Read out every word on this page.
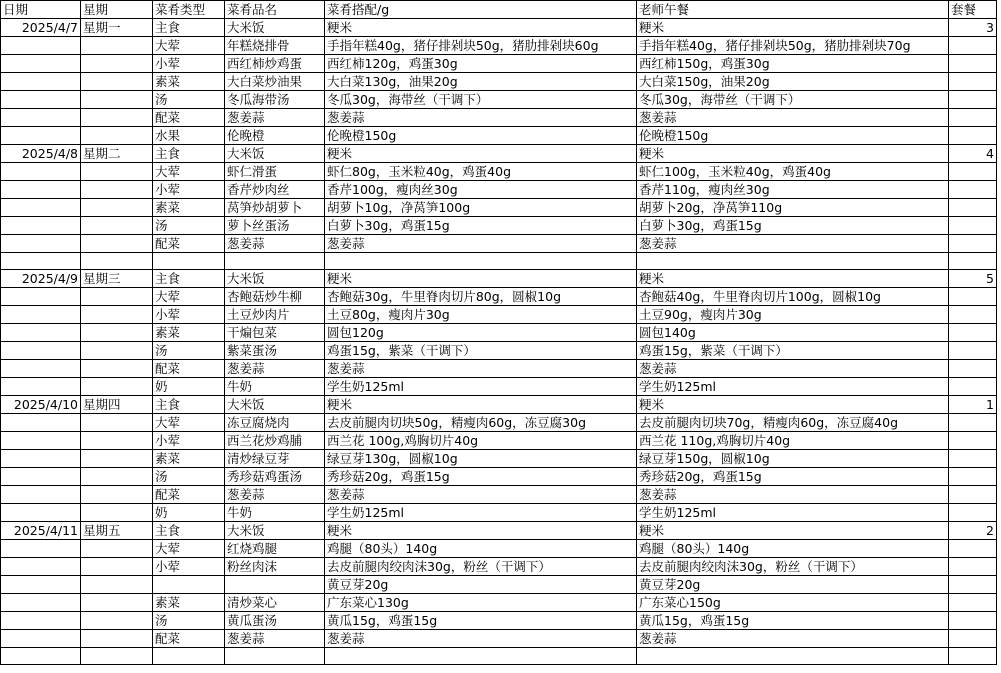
日期	星期	菜肴类型	菜肴品名	菜肴搭配/g	老师午餐	套餐
2025/4/7	星期一	主食	大米饭	粳米	粳米	3
		大荤	年糕烧排骨	手指年糕40g，猪仔排剁块50g，猪肋排剁块60g	手指年糕40g，猪仔排剁块50g，猪肋排剁块70g	
		小荤	西红柿炒鸡蛋	西红柿120g，鸡蛋30g	西红柿150g，鸡蛋30g	
		素菜	大白菜炒油果	大白菜130g，油果20g	大白菜150g，油果20g	
		汤	冬瓜海带汤	冬瓜30g，海带丝（干调下）	冬瓜30g，海带丝（干调下）	
		配菜	葱姜蒜	葱姜蒜	葱姜蒜	
		水果	伦晚橙	伦晚橙150g	伦晚橙150g	
2025/4/8	星期二	主食	大米饭	粳米	粳米	4
		大荤	虾仁滑蛋	虾仁80g，玉米粒40g，鸡蛋40g	虾仁100g，玉米粒40g，鸡蛋40g	
		小荤	香芹炒肉丝	香芹100g，瘦肉丝30g	香芹110g，瘦肉丝30g	
		素菜	莴笋炒胡萝卜	胡萝卜10g，净莴笋100g	胡萝卜20g，净莴笋110g	
		汤	萝卜丝蛋汤	白萝卜30g，鸡蛋15g	白萝卜30g，鸡蛋15g	
		配菜	葱姜蒜	葱姜蒜	葱姜蒜	

2025/4/9	星期三	主食	大米饭	粳米	粳米	5
		大荤	杏鲍菇炒牛柳	杏鲍菇30g，牛里脊肉切片80g，圆椒10g	杏鲍菇40g，牛里脊肉切片100g，圆椒10g	
		小荤	土豆炒肉片	土豆80g，瘦肉片30g	土豆90g，瘦肉片30g	
		素菜	干煸包菜	圆包120g	圆包140g	
		汤	紫菜蛋汤	鸡蛋15g，紫菜（干调下）	鸡蛋15g，紫菜（干调下）	
		配菜	葱姜蒜	葱姜蒜	葱姜蒜	
		奶	牛奶	学生奶125ml	学生奶125ml	
2025/4/10	星期四	主食	大米饭	粳米	粳米	1
		大荤	冻豆腐烧肉	去皮前腿肉切块50g，精瘦肉60g，冻豆腐30g	去皮前腿肉切块70g，精瘦肉60g，冻豆腐40g	
		小荤	西兰花炒鸡脯	西兰花 100g,鸡胸切片40g	西兰花 110g,鸡胸切片40g	
		素菜	清炒绿豆芽	绿豆芽130g，圆椒10g	绿豆芽150g，圆椒10g	
		汤	秀珍菇鸡蛋汤	秀珍菇20g，鸡蛋15g	秀珍菇20g，鸡蛋15g	
		配菜	葱姜蒜	葱姜蒜	葱姜蒜	
		奶	牛奶	学生奶125ml	学生奶125ml	
2025/4/11	星期五	主食	大米饭	粳米	粳米	2
		大荤	红烧鸡腿	鸡腿（80头）140g	鸡腿（80头）140g	
		小荤	粉丝肉沫	去皮前腿肉绞肉沫30g，粉丝（干调下）	去皮前腿肉绞肉沫30g，粉丝（干调下）	
				黄豆芽20g	黄豆芽20g	
		素菜	清炒菜心	广东菜心130g	广东菜心150g	
		汤	黄瓜蛋汤	黄瓜15g，鸡蛋15g	黄瓜15g，鸡蛋15g	
		配菜	葱姜蒜	葱姜蒜	葱姜蒜	
